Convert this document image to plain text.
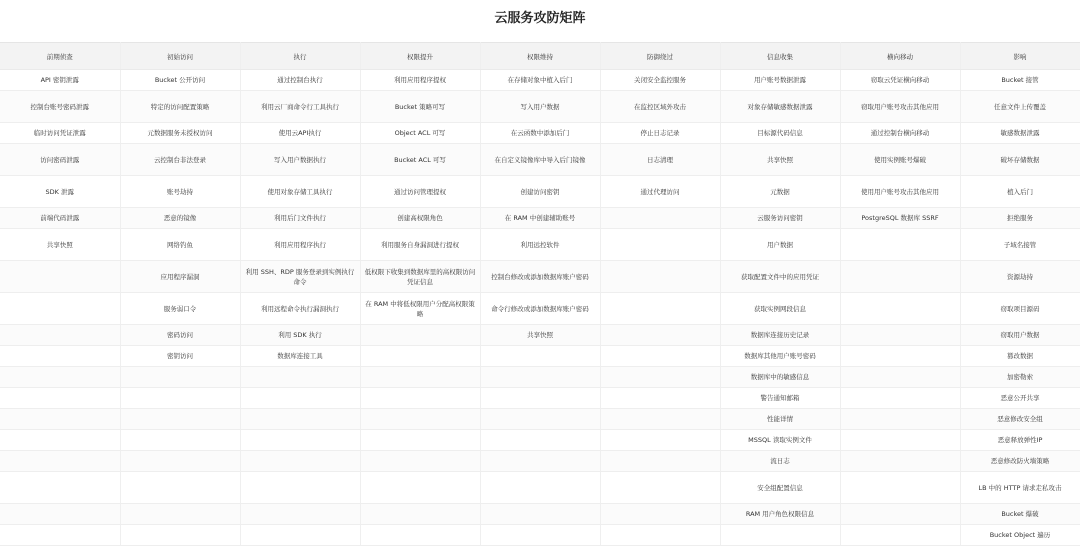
云服务攻防矩阵
前期侦查	初始访问	执行	权限提升	权限维持	防御绕过	信息收集	横向移动	影响
API 密钥泄露	Bucket 公开访问	通过控制台执行	利用应用程序提权	在存储对象中植入后门	关闭安全监控服务	用户账号数据泄露	窃取云凭证横向移动	Bucket 接管
控制台账号密码泄露	特定的访问配置策略	利用云厂商命令行工具执行	Bucket 策略可写	写入用户数据	在监控区域外攻击	对象存储敏感数据泄露	窃取用户账号攻击其他应用	任意文件上传覆盖
临时访问凭证泄露	元数据服务未授权访问	使用云API执行	Object ACL 可写	在云函数中添加后门	停止日志记录	目标源代码信息	通过控制台横向移动	敏感数据泄露
访问密码泄露	云控制台非法登录	写入用户数据执行	Bucket ACL 可写	在自定义镜像库中导入后门镜像	日志清理	共享快照	使用实例账号爆破	破坏存储数据
SDK 泄露	账号劫持	使用对象存储工具执行	通过访问管理提权	创建访问密钥	通过代理访问	元数据	使用用户账号攻击其他应用	植入后门
前端代码泄露	恶意的镜像	利用后门文件执行	创建高权限角色	在 RAM 中创建辅助账号		云服务访问密钥	PostgreSQL 数据库 SSRF	拒绝服务
共享快照	网络钓鱼	利用应用程序执行	利用服务自身漏洞进行提权	利用远控软件		用户数据		子域名接管
	应用程序漏洞	利用 SSH、RDP 服务登录到实例执行命令	低权限下收集到数据库里的高权限访问凭证信息	控制台修改或添加数据库账户密码		获取配置文件中的应用凭证		资源劫持
	服务弱口令	利用远程命令执行漏洞执行	在 RAM 中将低权限用户分配高权限策略	命令行修改或添加数据库账户密码		获取实例网段信息		窃取项目源码
	密码访问	利用 SDK 执行		共享快照		数据库连接历史记录		窃取用户数据
	密钥访问	数据库连接工具				数据库其他用户账号密码		篡改数据
						数据库中的敏感信息		加密勒索
						警告通知邮箱		恶意公开共享
						性能详情		恶意修改安全组
						MSSQL 读取实例文件		恶意释放弹性IP
						流日志		恶意修改防火墙策略
						安全组配置信息		LB 中的 HTTP 请求走私攻击
						RAM 用户角色权限信息		Bucket 爆破
								Bucket Object 遍历
